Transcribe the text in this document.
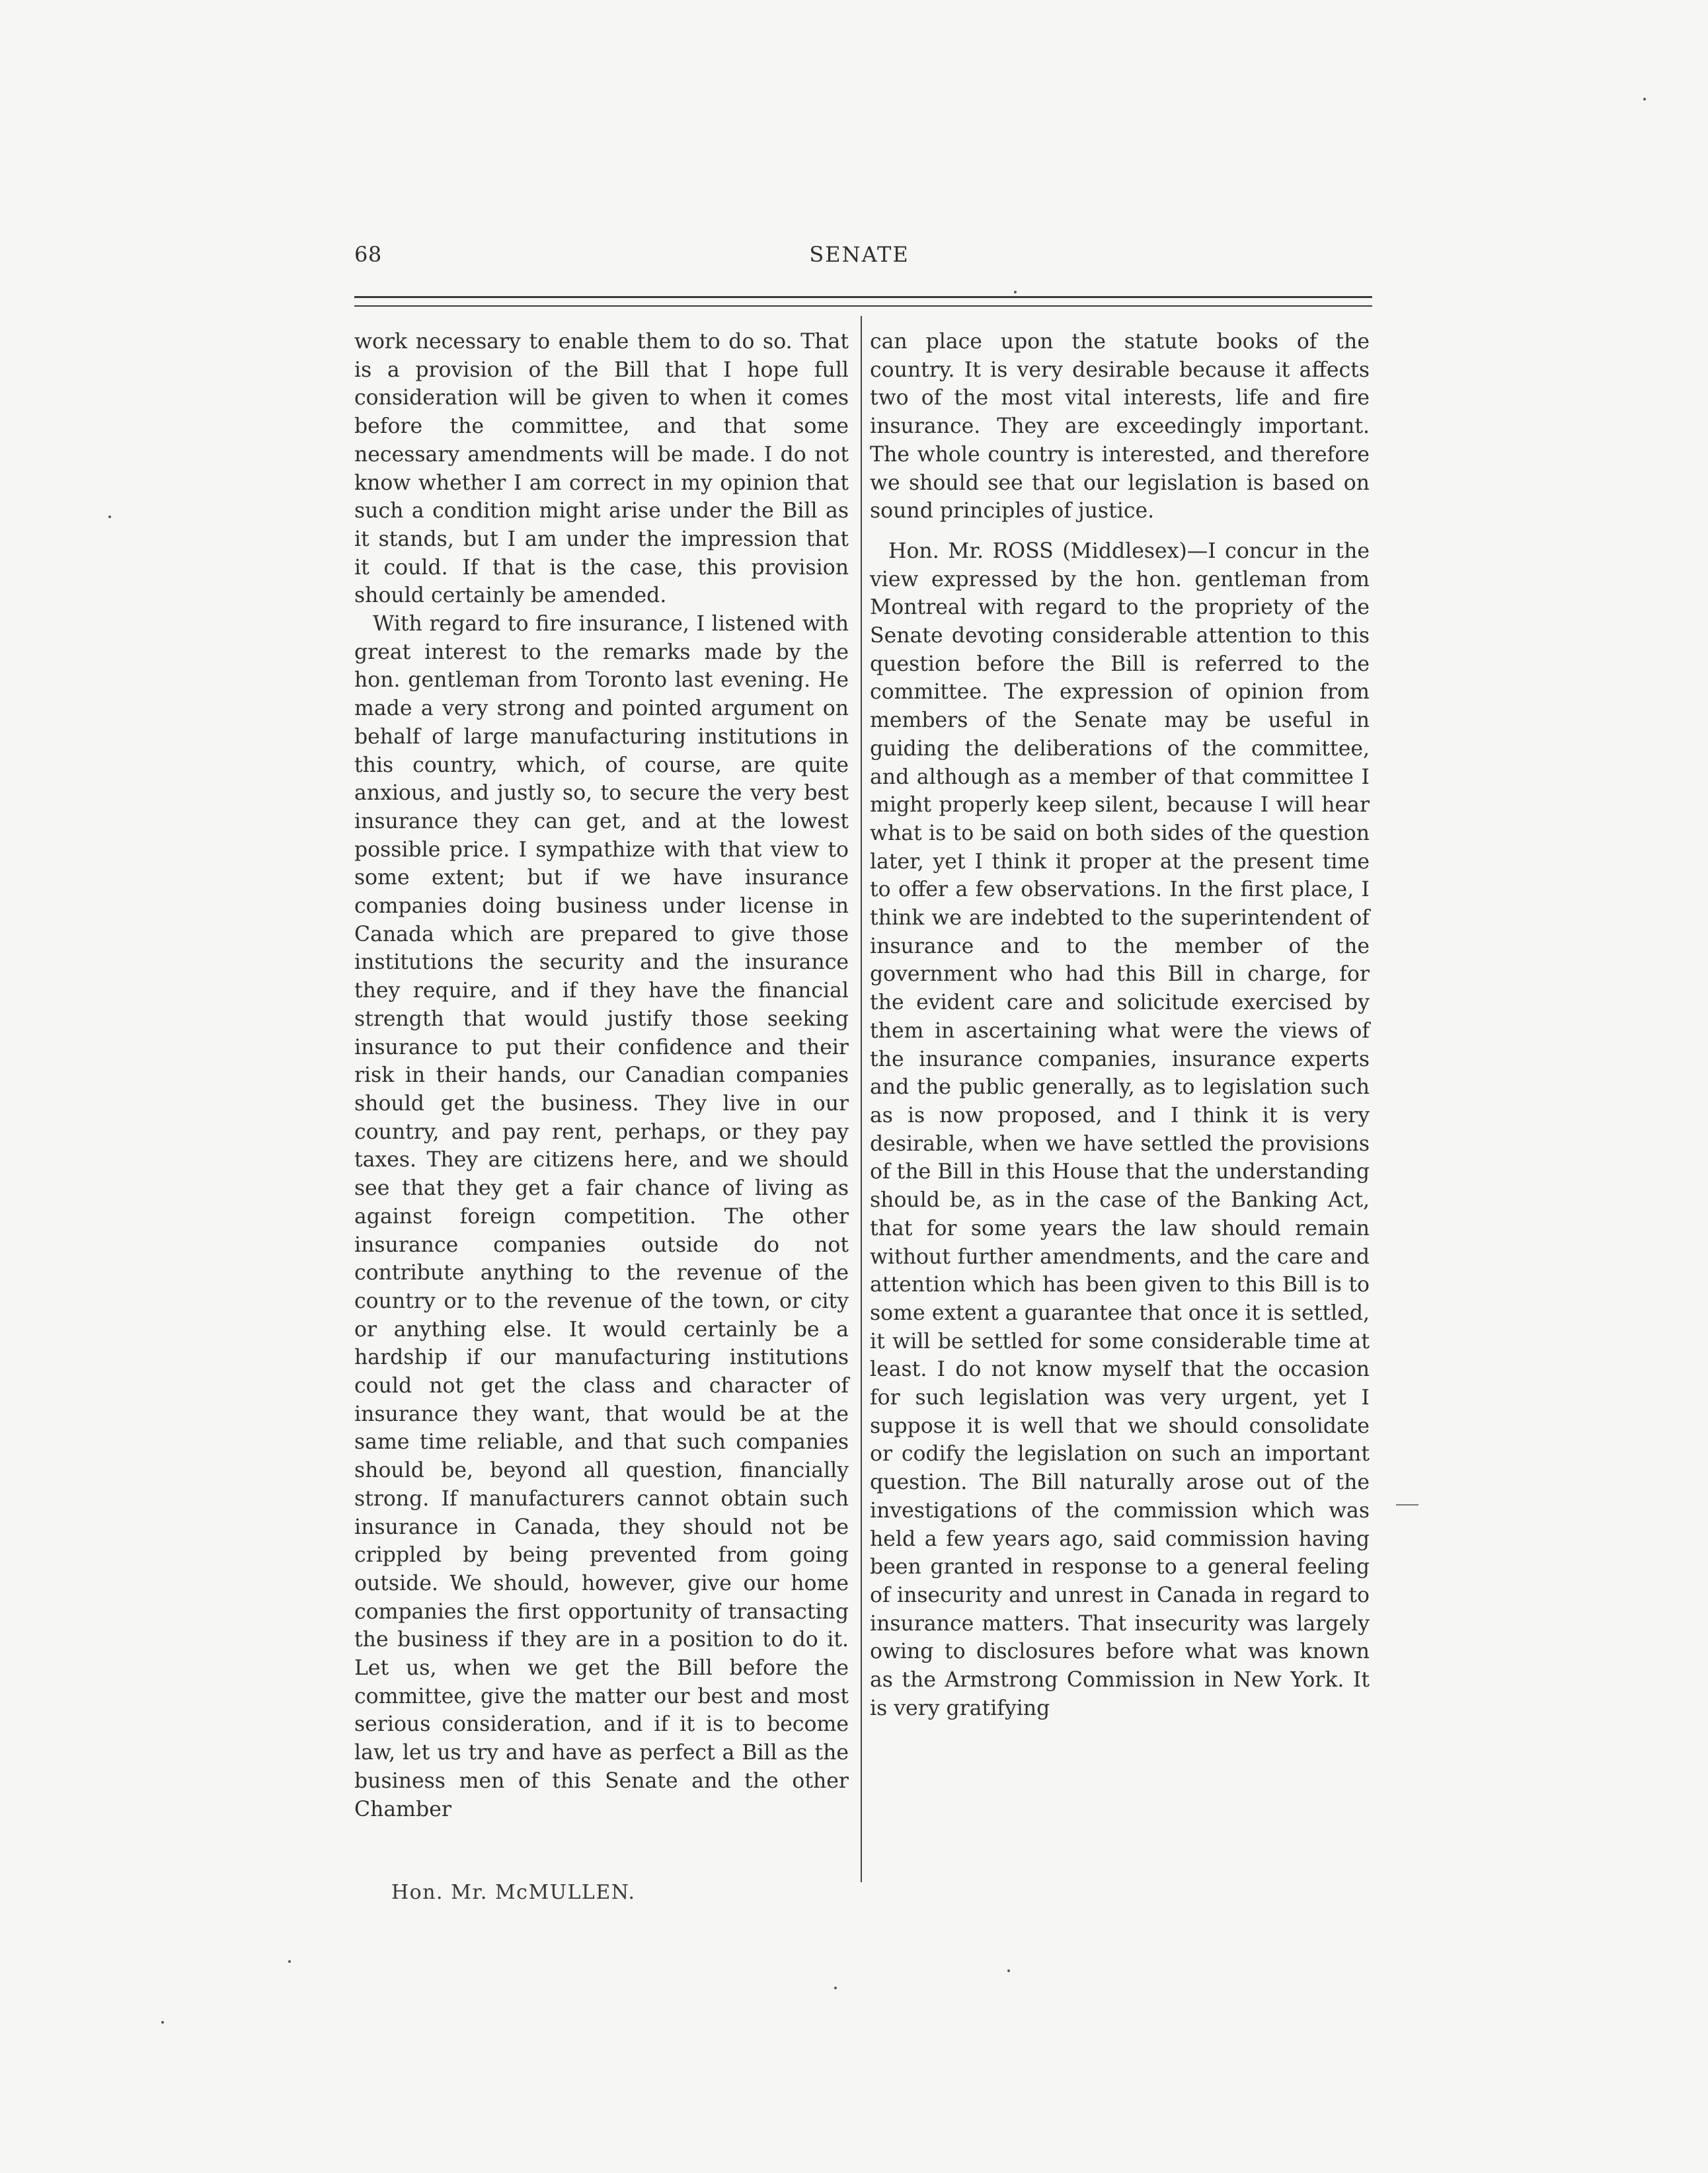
68	SENATE

work necessary to enable them to do so. That is a provision of the Bill that I hope full consideration will be given to when it comes before the committee, and that some necessary amendments will be made. I do not know whether I am correct in my opinion that such a condition might arise under the Bill as it stands, but I am under the impression that it could. If that is the case, this provision should certainly be amended.

With regard to fire insurance, I listened with great interest to the remarks made by the hon. gentleman from Toronto last evening. He made a very strong and pointed argument on behalf of large manufacturing institutions in this country, which, of course, are quite anxious, and justly so, to secure the very best insurance they can get, and at the lowest possible price. I sympathize with that view to some extent; but if we have insurance companies doing business under license in Canada which are prepared to give those institutions the security and the insurance they require, and if they have the financial strength that would justify those seeking insurance to put their confidence and their risk in their hands, our Canadian companies should get the business. They live in our country, and pay rent, perhaps, or they pay taxes. They are citizens here, and we should see that they get a fair chance of living as against foreign competition. The other insurance companies outside do not contribute anything to the revenue of the country or to the revenue of the town, or city or anything else. It would certainly be a hardship if our manufacturing institutions could not get the class and character of insurance they want, that would be at the same time reliable, and that such companies should be, beyond all question, financially strong. If manufacturers cannot obtain such insurance in Canada, they should not be crippled by being prevented from going outside. We should, however, give our home companies the first opportunity of transacting the business if they are in a position to do it. Let us, when we get the Bill before the committee, give the matter our best and most serious consideration, and if it is to become law, let us try and have as perfect a Bill as the business men of this Senate and the other Chamber

can place upon the statute books of the country. It is very desirable because it affects two of the most vital interests, life and fire insurance. They are exceedingly important. The whole country is interested, and therefore we should see that our legislation is based on sound principles of justice.

Hon. Mr. ROSS (Middlesex)—I concur in the view expressed by the hon. gentleman from Montreal with regard to the propriety of the Senate devoting considerable attention to this question before the Bill is referred to the committee. The expression of opinion from members of the Senate may be useful in guiding the deliberations of the committee, and although as a member of that committee I might properly keep silent, because I will hear what is to be said on both sides of the question later, yet I think it proper at the present time to offer a few observations. In the first place, I think we are indebted to the superintendent of insurance and to the member of the government who had this Bill in charge, for the evident care and solicitude exercised by them in ascertaining what were the views of the insurance companies, insurance experts and the public generally, as to legislation such as is now proposed, and I think it is very desirable, when we have settled the provisions of the Bill in this House that the understanding should be, as in the case of the Banking Act, that for some years the law should remain without further amendments, and the care and attention which has been given to this Bill is to some extent a guarantee that once it is settled, it will be settled for some considerable time at least. I do not know myself that the occasion for such legislation was very urgent, yet I suppose it is well that we should consolidate or codify the legislation on such an important question. The Bill naturally arose out of the investigations of the commission which was held a few years ago, said commission having been granted in response to a general feeling of insecurity and unrest in Canada in regard to insurance matters. That insecurity was largely owing to disclosures before what was known as the Armstrong Commission in New York. It is very gratifying

Hon. Mr. McMULLEN.
